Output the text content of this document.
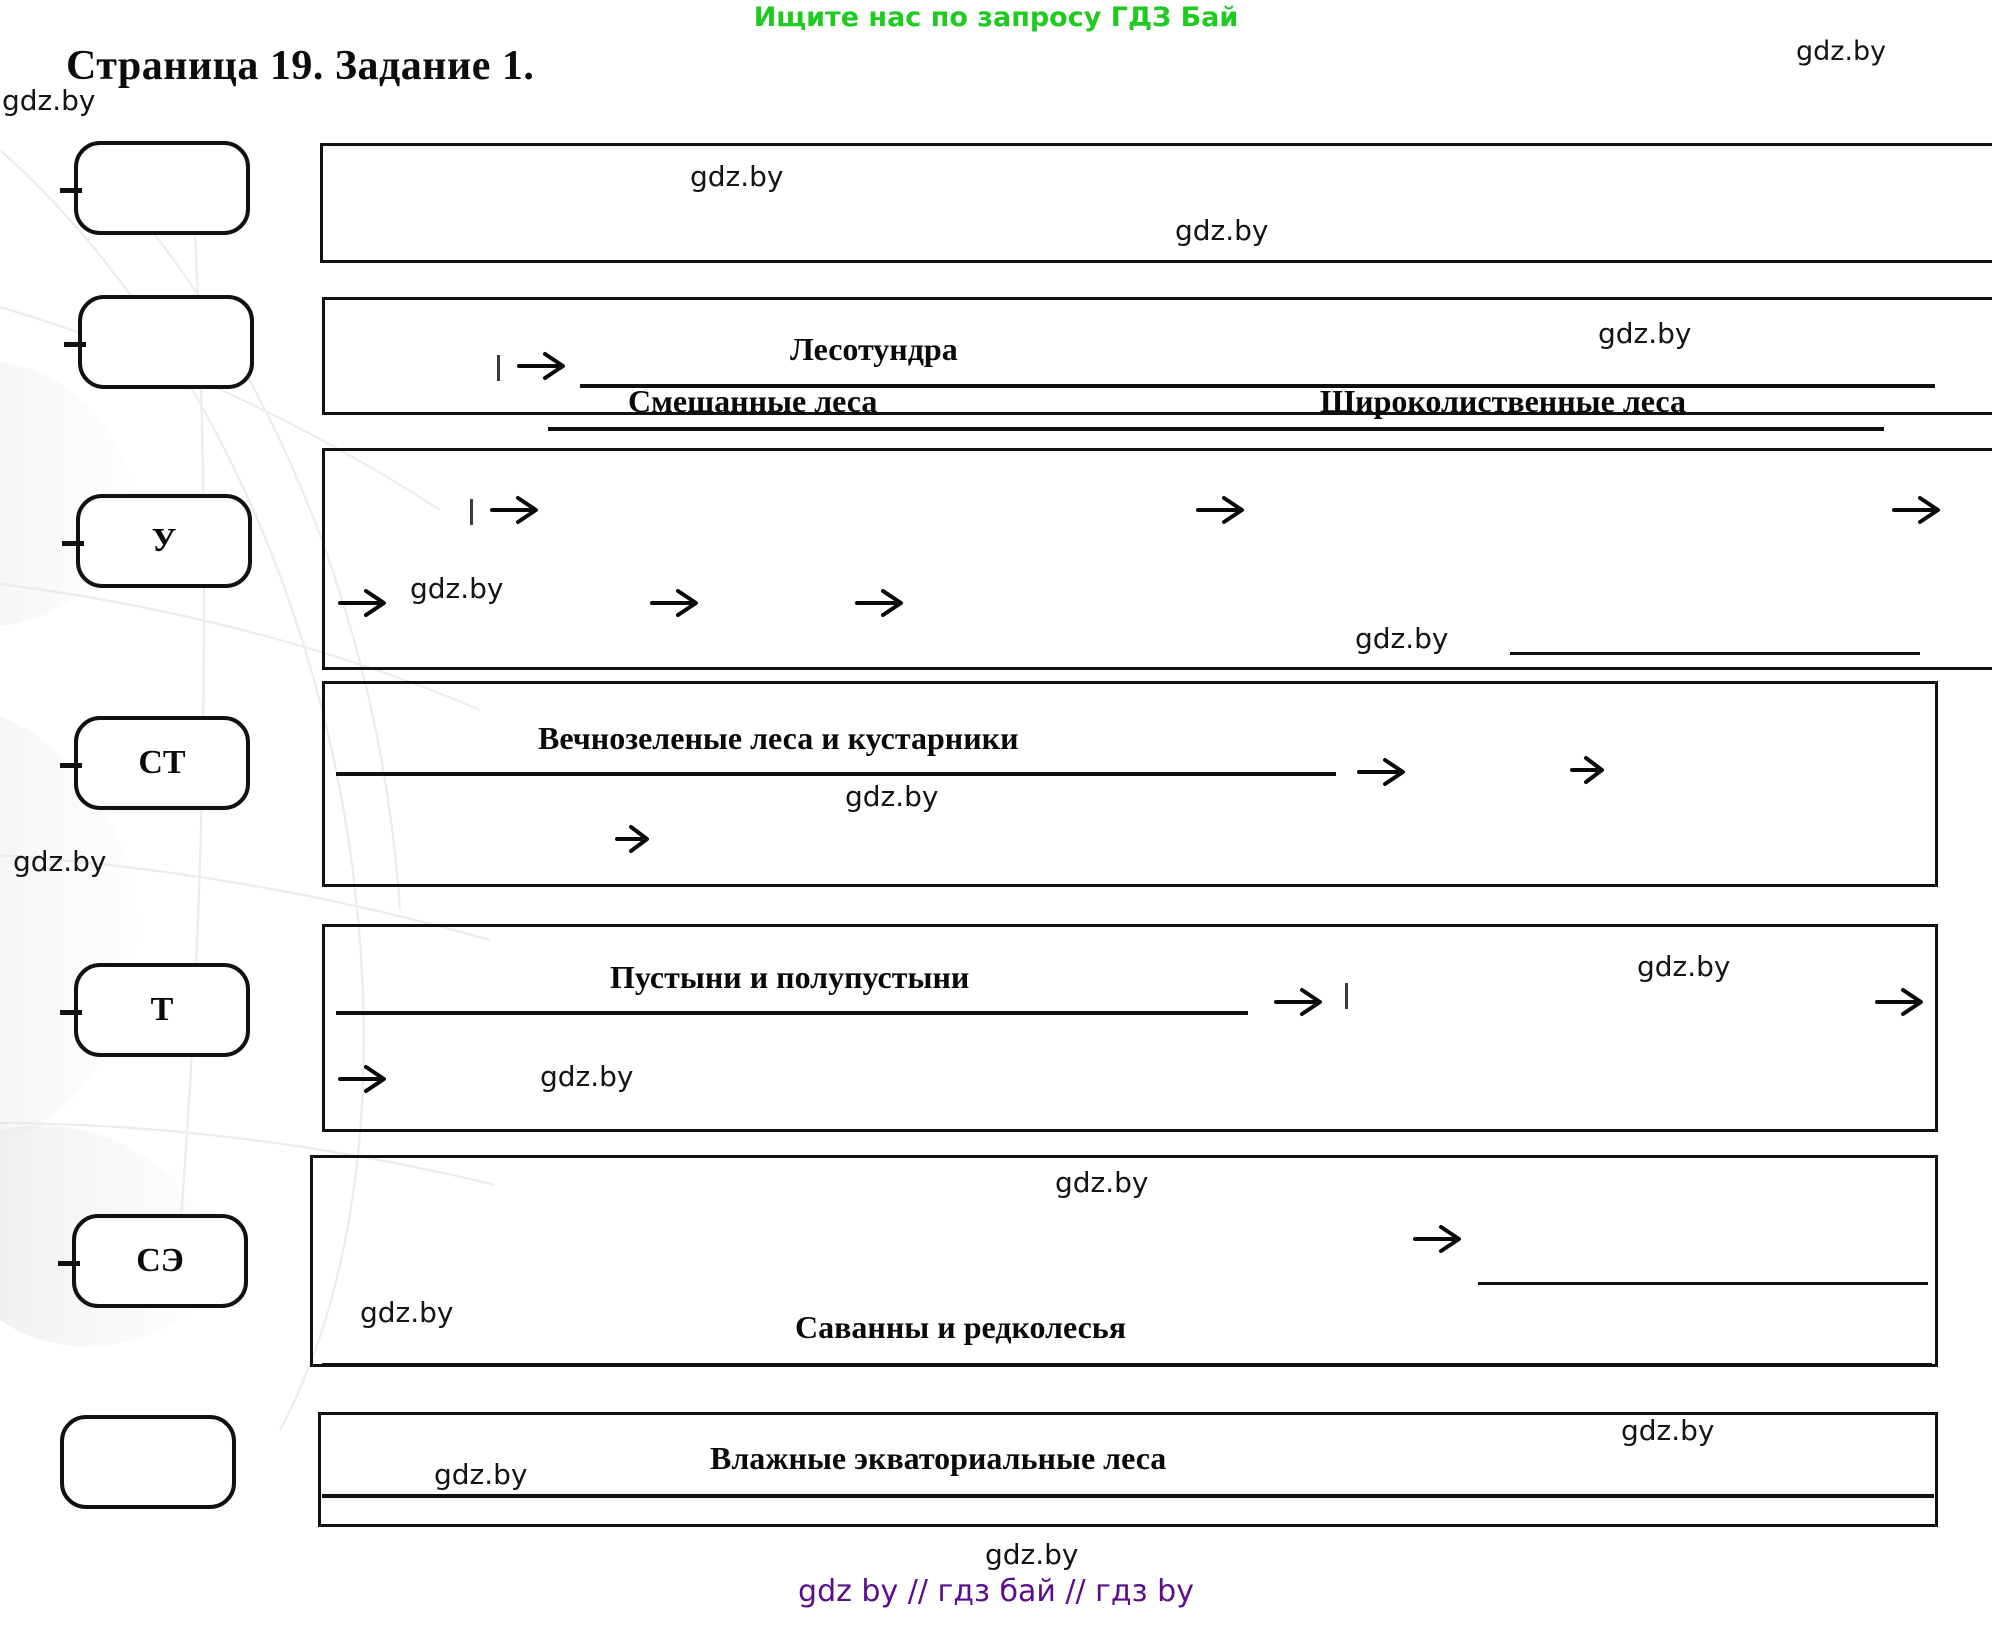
Ищите нас по запросу ГДЗ Бай
Страница 19. Задание 1.	gdz.by
gdz.by
gdz.by
gdz.by
gdz.by
gdz.by
gdz.by
gdz.by
gdz.by
gdz.by
gdz.by
gdz.by
gdz.by
gdz.by
gdz.by
gdz.by
У
СТ
Т
СЭ
Лесотундра
Смешанные леса	Широколиственные леса
Вечнозеленые леса и кустарники
Пустыни и полупустыни
Саванны и редколесья
Влажные экваториальные леса
gdz by // гдз бай // гдз by
